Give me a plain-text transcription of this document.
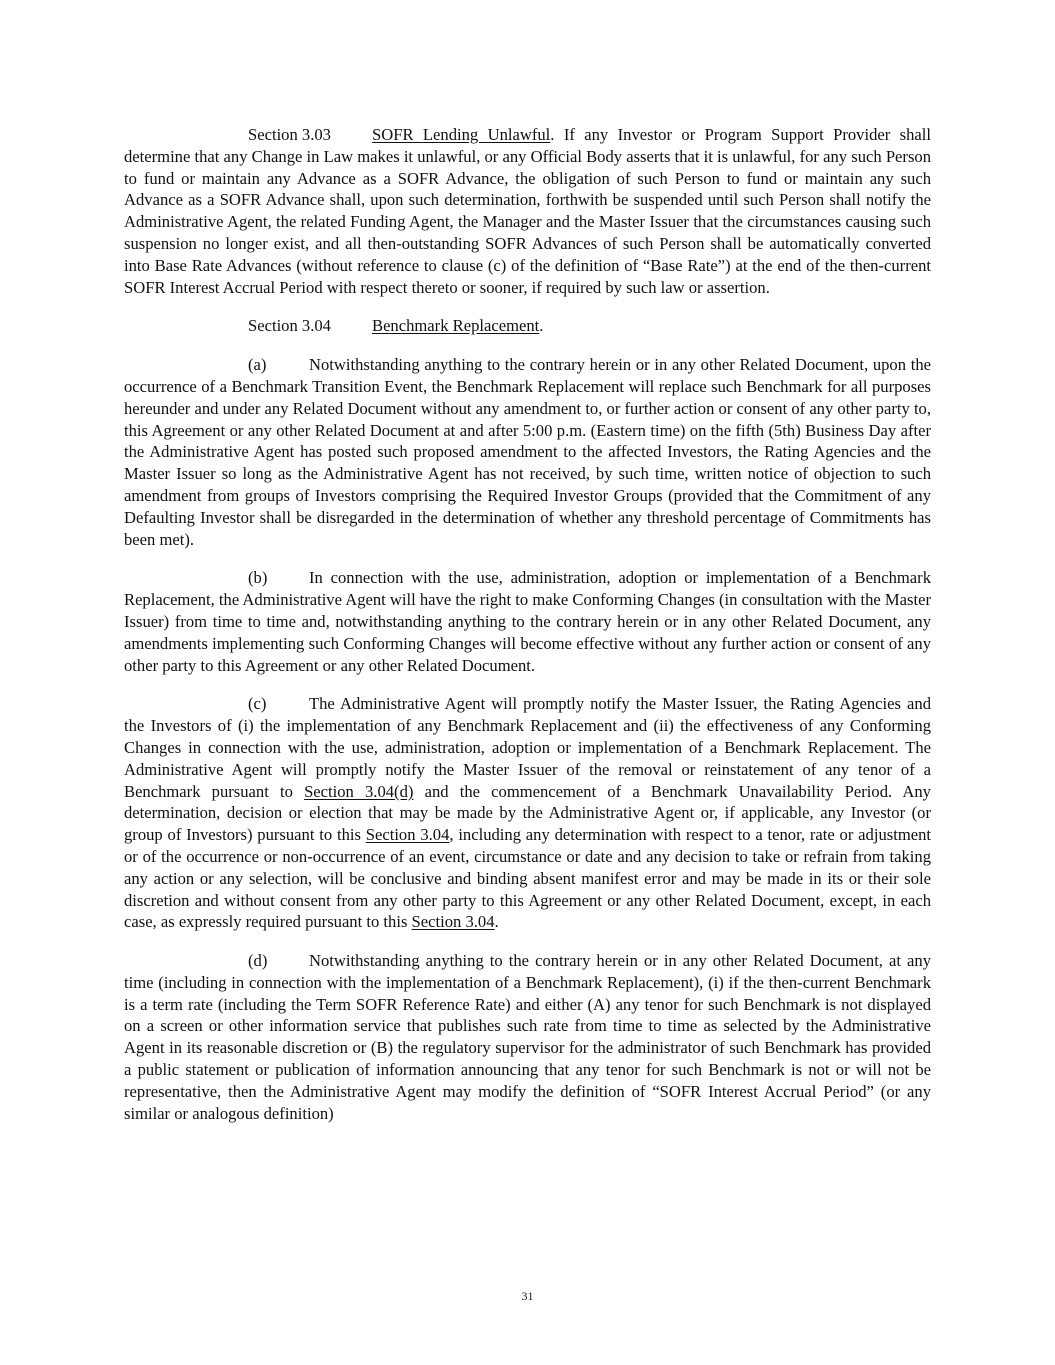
Section 3.03 SOFR Lending Unlawful. If any Investor or Program Support Provider shall determine that any Change in Law makes it unlawful, or any Official Body asserts that it is unlawful, for any such Person to fund or maintain any Advance as a SOFR Advance, the obligation of such Person to fund or maintain any such Advance as a SOFR Advance shall, upon such determination, forthwith be suspended until such Person shall notify the Administrative Agent, the related Funding Agent, the Manager and the Master Issuer that the circumstances causing such suspension no longer exist, and all then-outstanding SOFR Advances of such Person shall be automatically converted into Base Rate Advances (without reference to clause (c) of the definition of “Base Rate”) at the end of the then-current SOFR Interest Accrual Period with respect thereto or sooner, if required by such law or assertion.

Section 3.04 Benchmark Replacement.

(a)	Notwithstanding anything to the contrary herein or in any other Related Document, upon the occurrence of a Benchmark Transition Event, the Benchmark Replacement will replace such Benchmark for all purposes hereunder and under any Related Document without any amendment to, or further action or consent of any other party to, this Agreement or any other Related Document at and after 5:00 p.m. (Eastern time) on the fifth (5th) Business Day after the Administrative Agent has posted such proposed amendment to the affected Investors, the Rating Agencies and the Master Issuer so long as the Administrative Agent has not received, by such time, written notice of objection to such amendment from groups of Investors comprising the Required Investor Groups (provided that the Commitment of any Defaulting Investor shall be disregarded in the determination of whether any threshold percentage of Commitments has been met).

(b)	In connection with the use, administration, adoption or implementation of a Benchmark Replacement, the Administrative Agent will have the right to make Conforming Changes (in consultation with the Master Issuer) from time to time and, notwithstanding anything to the contrary herein or in any other Related Document, any amendments implementing such Conforming Changes will become effective without any further action or consent of any other party to this Agreement or any other Related Document.

(c)	The Administrative Agent will promptly notify the Master Issuer, the Rating Agencies and the Investors of (i) the implementation of any Benchmark Replacement and (ii) the effectiveness of any Conforming Changes in connection with the use, administration, adoption or implementation of a Benchmark Replacement. The Administrative Agent will promptly notify the Master Issuer of the removal or reinstatement of any tenor of a Benchmark pursuant to Section 3.04(d) and the commencement of a Benchmark Unavailability Period. Any determination, decision or election that may be made by the Administrative Agent or, if applicable, any Investor (or group of Investors) pursuant to this Section 3.04, including any determination with respect to a tenor, rate or adjustment or of the occurrence or non-occurrence of an event, circumstance or date and any decision to take or refrain from taking any action or any selection, will be conclusive and binding absent manifest error and may be made in its or their sole discretion and without consent from any other party to this Agreement or any other Related Document, except, in each case, as expressly required pursuant to this Section 3.04.

(d)	Notwithstanding anything to the contrary herein or in any other Related Document, at any time (including in connection with the implementation of a Benchmark Replacement), (i) if the then-current Benchmark is a term rate (including the Term SOFR Reference Rate) and either (A) any tenor for such Benchmark is not displayed on a screen or other information service that publishes such rate from time to time as selected by the Administrative Agent in its reasonable discretion or (B) the regulatory supervisor for the administrator of such Benchmark has provided a public statement or publication of information announcing that any tenor for such Benchmark is not or will not be representative, then the Administrative Agent may modify the definition of “SOFR Interest Accrual Period” (or any similar or analogous definition)

31
